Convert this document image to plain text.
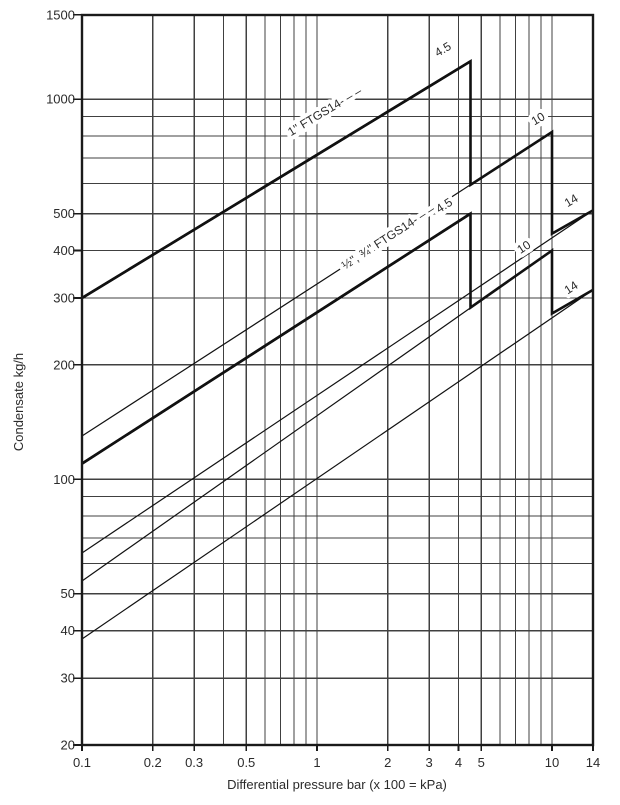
1" FTGS14- – –
4.5
10
14
½", ¾" FTGS14- – –
4.5
10
14
0.1	0.2 0.3	0.5	1	2	3 4 5	10 14
1500
1000
500
400
300
200
100
50
40
30
20
Differential pressure bar (x 100 = kPa)
Condensate kg/h
